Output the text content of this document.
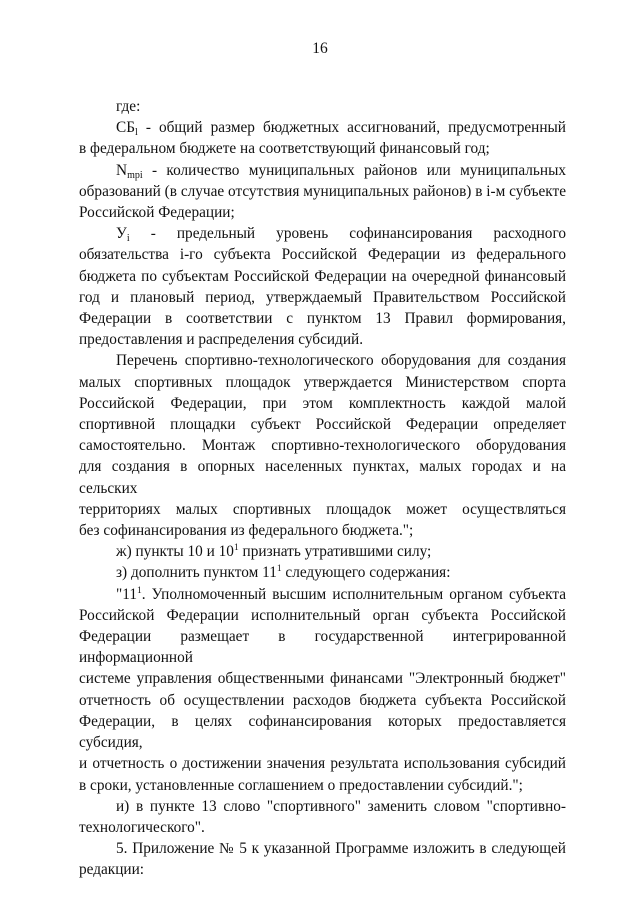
16
где:
$СБ_l$ - общий размер бюджетных ассигнований, предусмотренный
в федеральном бюджете на соответствующий финансовый год;
$N_{mpi}$ - количество муниципальных районов или муниципальных
образований (в случае отсутствия муниципальных районов) в i-м субъекте
Российской Федерации;
$У_i$ - предельный уровень софинансирования расходного
обязательства i-го субъекта Российской Федерации из федерального
бюджета по субъектам Российской Федерации на очередной финансовый
год и плановый период, утверждаемый Правительством Российской
Федерации в соответствии с пунктом 13 Правил формирования,
предоставления и распределения субсидий.
Перечень спортивно-технологического оборудования для создания
малых спортивных площадок утверждается Министерством спорта
Российской Федерации, при этом комплектность каждой малой
спортивной площадки субъект Российской Федерации определяет
самостоятельно. Монтаж спортивно-технологического оборудования
для создания в опорных населенных пунктах, малых городах и на сельских
территориях малых спортивных площадок может осуществляться
без софинансирования из федерального бюджета.";
ж) пункты 10 и $10^1$ признать утратившими силу;
з) дополнить пунктом $11^1$ следующего содержания:
"$11^1$. Уполномоченный высшим исполнительным органом субъекта
Российской Федерации исполнительный орган субъекта Российской
Федерации размещает в государственной интегрированной информационной
системе управления общественными финансами "Электронный бюджет"
отчетность об осуществлении расходов бюджета субъекта Российской
Федерации, в целях софинансирования которых предоставляется субсидия,
и отчетность о достижении значения результата использования субсидий
в сроки, установленные соглашением о предоставлении субсидий.";
и) в пункте 13 слово "спортивного" заменить словом "спортивно-
технологического".
5. Приложение № 5 к указанной Программе изложить в следующей
редакции:
